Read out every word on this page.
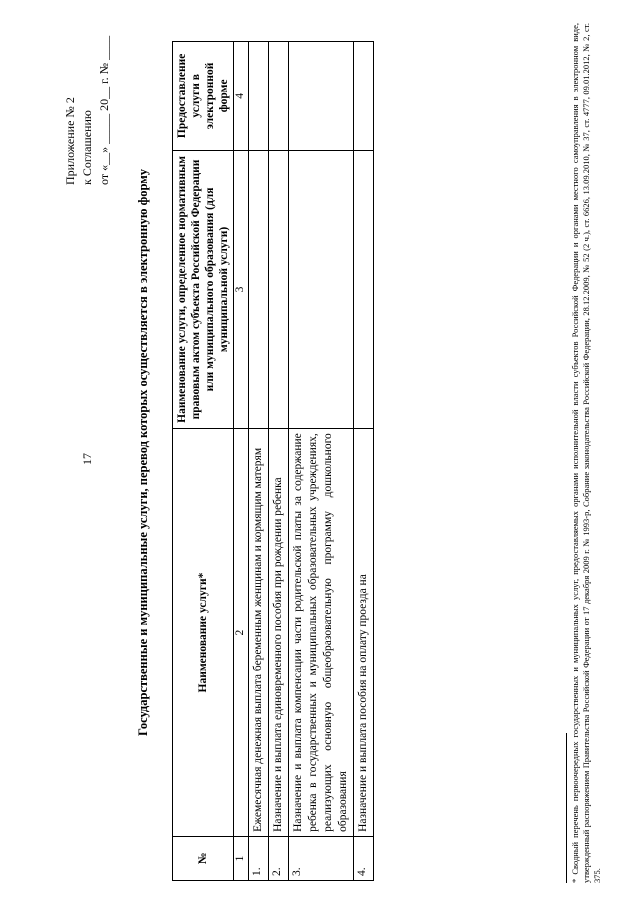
17
Приложение № 2 к Соглашению от «__» _____ 20__ г. № ____
Государственные и муниципальные услуги, перевод которых осуществляется в электронную форму
№	Наименование услуги*	Наименование услуги, определенное нормативным правовым актом субъекта Российской Федерации или муниципального образования (для муниципальной услуги)	Предоставление услуги в электронной форме
1	2	3	4
1.	Ежемесячная денежная выплата беременным женщинам и кормящим матерям		
2.	Назначение и выплата единовременного пособия при рождении ребенка		
3.	Назначение и выплата компенсации части родительской платы за содержание ребенка в государственных и муниципальных образовательных учреждениях, реализующих основную общеобразовательную программу дошкольного образования		
4.	Назначение и выплата пособия на оплату проезда на			* Сводный перечень первоочередных государственных и муниципальных услуг, предоставляемых органами исполнительной власти субъектов Российской Федерации и органами местного самоуправления в электронном виде, утвержденный распоряжением Правительства Российской Федерации от 17 декабря 2009 г. № 1993-р, Собрание законодательства Российской Федерации, 28.12.2009, № 52 (2 ч.), ст. 6626, 13.09.2010, № 37, ст. 4777, 09.01.2012, № 2, ст. 375.
